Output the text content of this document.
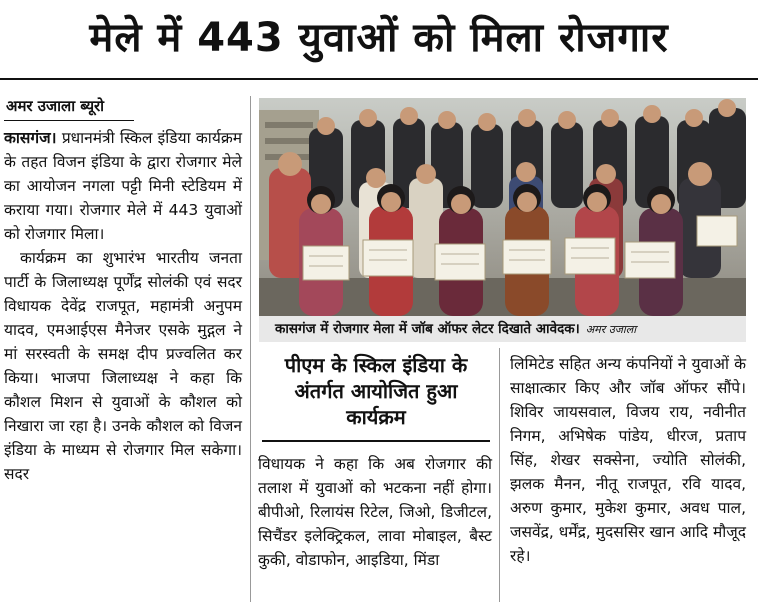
मेले में 443 युवाओं को मिला रोजगार
अमर उजाला ब्यूरो

कासगंज। प्रधानमंत्री स्किल इंडिया कार्यक्रम के तहत विजन इंडिया के द्वारा रोजगार मेले का आयोजन नगला पट्टी मिनी स्टेडियम में कराया गया। रोजगार मेले में 443 युवाओं को रोजगार मिला।

कार्यक्रम का शुभारंभ भारतीय जनता पार्टी के जिलाध्यक्ष पूर्णेंद्र सोलंकी एवं सदर विधायक देवेंद्र राजपूत, महामंत्री अनुपम यादव, एमआईएस मैनेजर एसके मुद्गल ने मां सरस्वती के समक्ष दीप प्रज्वलित कर किया। भाजपा जिलाध्यक्ष ने कहा कि कौशल मिशन से युवाओं के कौशल को निखारा जा रहा है। उनके कौशल को विजन इंडिया के माध्यम से रोजगार मिल सकेगा। सदर

कासगंज में रोजगार मेला में जॉब ऑफर लेटर दिखाते आवेदक। अमर उजाला
पीएम के स्किल इंडिया के अंतर्गत आयोजित हुआ कार्यक्रम

विधायक ने कहा कि अब रोजगार की तलाश में युवाओं को भटकना नहीं होगा। बीपीओ, रिलायंस रिटेल, जिओ, डिजीटल, सिचैंडर इलेक्ट्रिकल, लावा मोबाइल, बैस्ट कुकी, वोडाफोन, आइडिया, मिंडा

लिमिटेड सहित अन्य कंपनियों ने युवाओं के साक्षात्कार किए और जॉब ऑफर सौंपे। शिविर जायसवाल, विजय राय, नवीनीत निगम, अभिषेक पांडेय, धीरज, प्रताप सिंह, शेखर सक्सेना, ज्योति सोलंकी, झलक मैनन, नीतू राजपूत, रवि यादव, अरुण कुमार, मुकेश कुमार, अवध पाल, जसवेंद्र, धर्मेंद्र, मुदससिर खान आदि मौजूद रहे।
